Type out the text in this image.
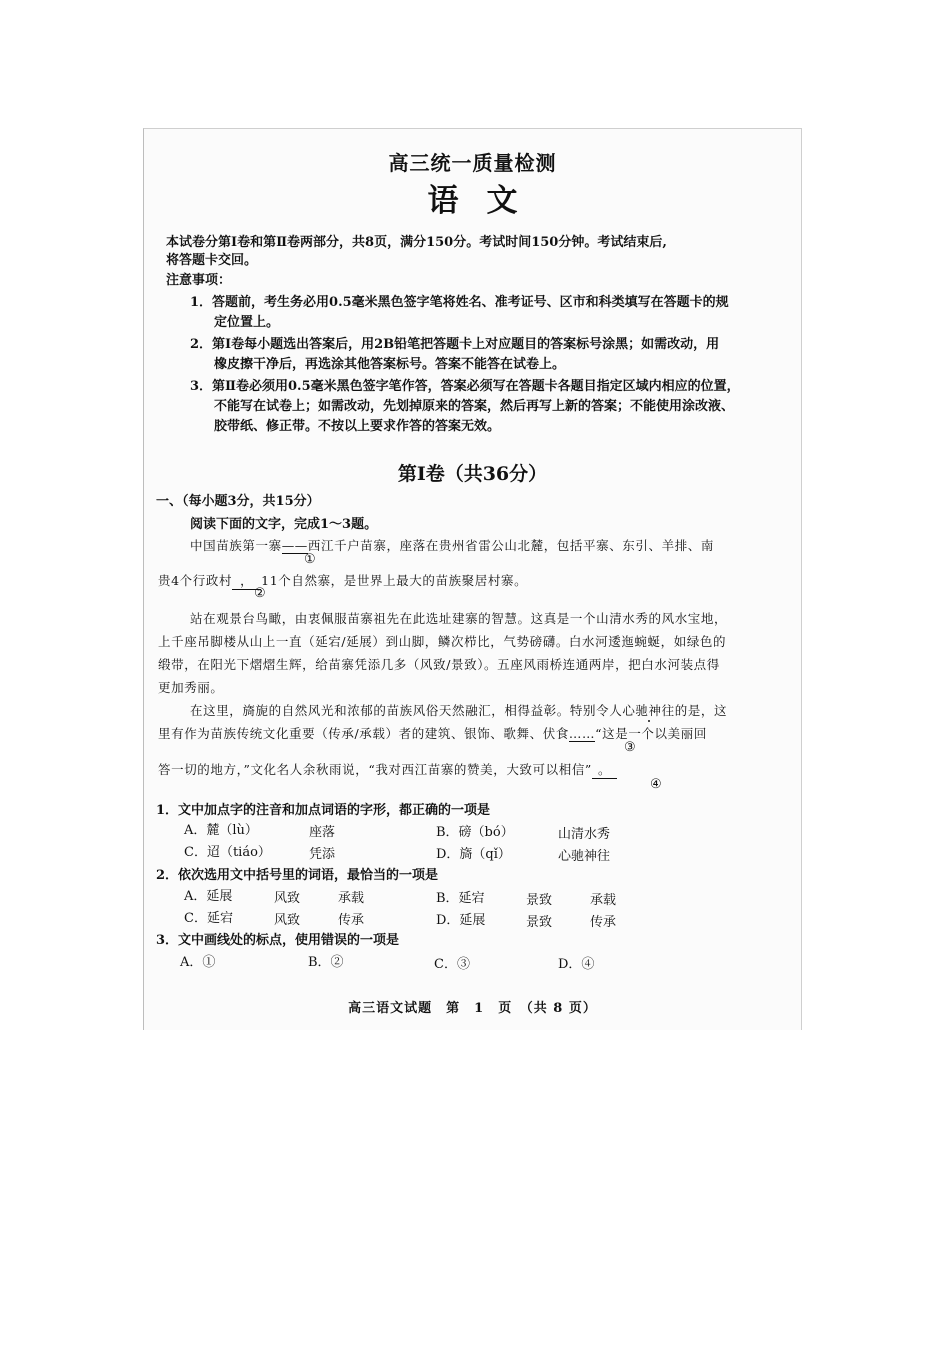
高三统一质量检测
语文
本试卷分第Ⅰ卷和第Ⅱ卷两部分，共8页，满分150分。考试时间150分钟。考试结束后,
将答题卡交回。
注意事项：
1．答题前，考生务必用0.5毫米黑色签字笔将姓名、准考证号、区市和科类填写在答题卡的规
定位置上。
2．第Ⅰ卷每小题选出答案后，用2B铅笔把答题卡上对应题目的答案标号涂黑；如需改动，用
橡皮擦干净后，再选涂其他答案标号。答案不能答在试卷上。
3．第Ⅱ卷必须用0.5毫米黑色签字笔作答，答案必须写在答题卡各题目指定区域内相应的位置，
不能写在试卷上；如需改动，先划掉原来的答案，然后再写上新的答案；不能使用涂改液、
胶带纸、修正带。不按以上要求作答的答案无效。
第Ⅰ卷（共36分）
一、（每小题3分，共15分）
阅读下面的文字，完成1～3题。
中国苗族第一寨——西江千户苗寨，座落在贵州省雷公山北麓，包括平寨、东引、羊排、南
①
贵4个行政村 ， 11个自然寨，是世界上最大的苗族聚居村寨。
②
站在观景台鸟瞰，由衷佩服苗寨祖先在此选址建寨的智慧。这真是一个山清水秀的风水宝地，
上千座吊脚楼从山上一直（延宕/延展）到山脚，鳞次栉比，气势磅礴。白水河逶迤蜿蜒，如绿色的
缎带，在阳光下熠熠生辉，给苗寨凭添几多（风致/景致）。五座风雨桥连通两岸，把白水河装点得
更加秀丽。
在这里，旖旎的自然风光和浓郁的苗族风俗天然融汇，相得益彰。特别令人心驰神往的是，这
里有作为苗族传统文化重要（传承/承载）者的建筑、银饰、歌舞、伏食……“这是一个以美丽回
③
答一切的地方，”文化名人余秋雨说，“我对西江苗寨的赞美，大致可以相信” 。
④
1．文中加点字的注音和加点词语的字形，都正确的一项是
A．麓（lù）	座落	B．磅（bó）	山清水秀
C．迢（tiáo）	凭添	D．旖（qǐ）	心驰神往
2．依次选用文中括号里的词语，最恰当的一项是
A．延展	风致	承载	B．延宕	景致	承载
C．延宕	风致	传承	D．延展	景致	传承
3．文中画线处的标点，使用错误的一项是
A．①	B．②	C．③	D．④
高三语文试题　第　1　页　（共 8 页）
